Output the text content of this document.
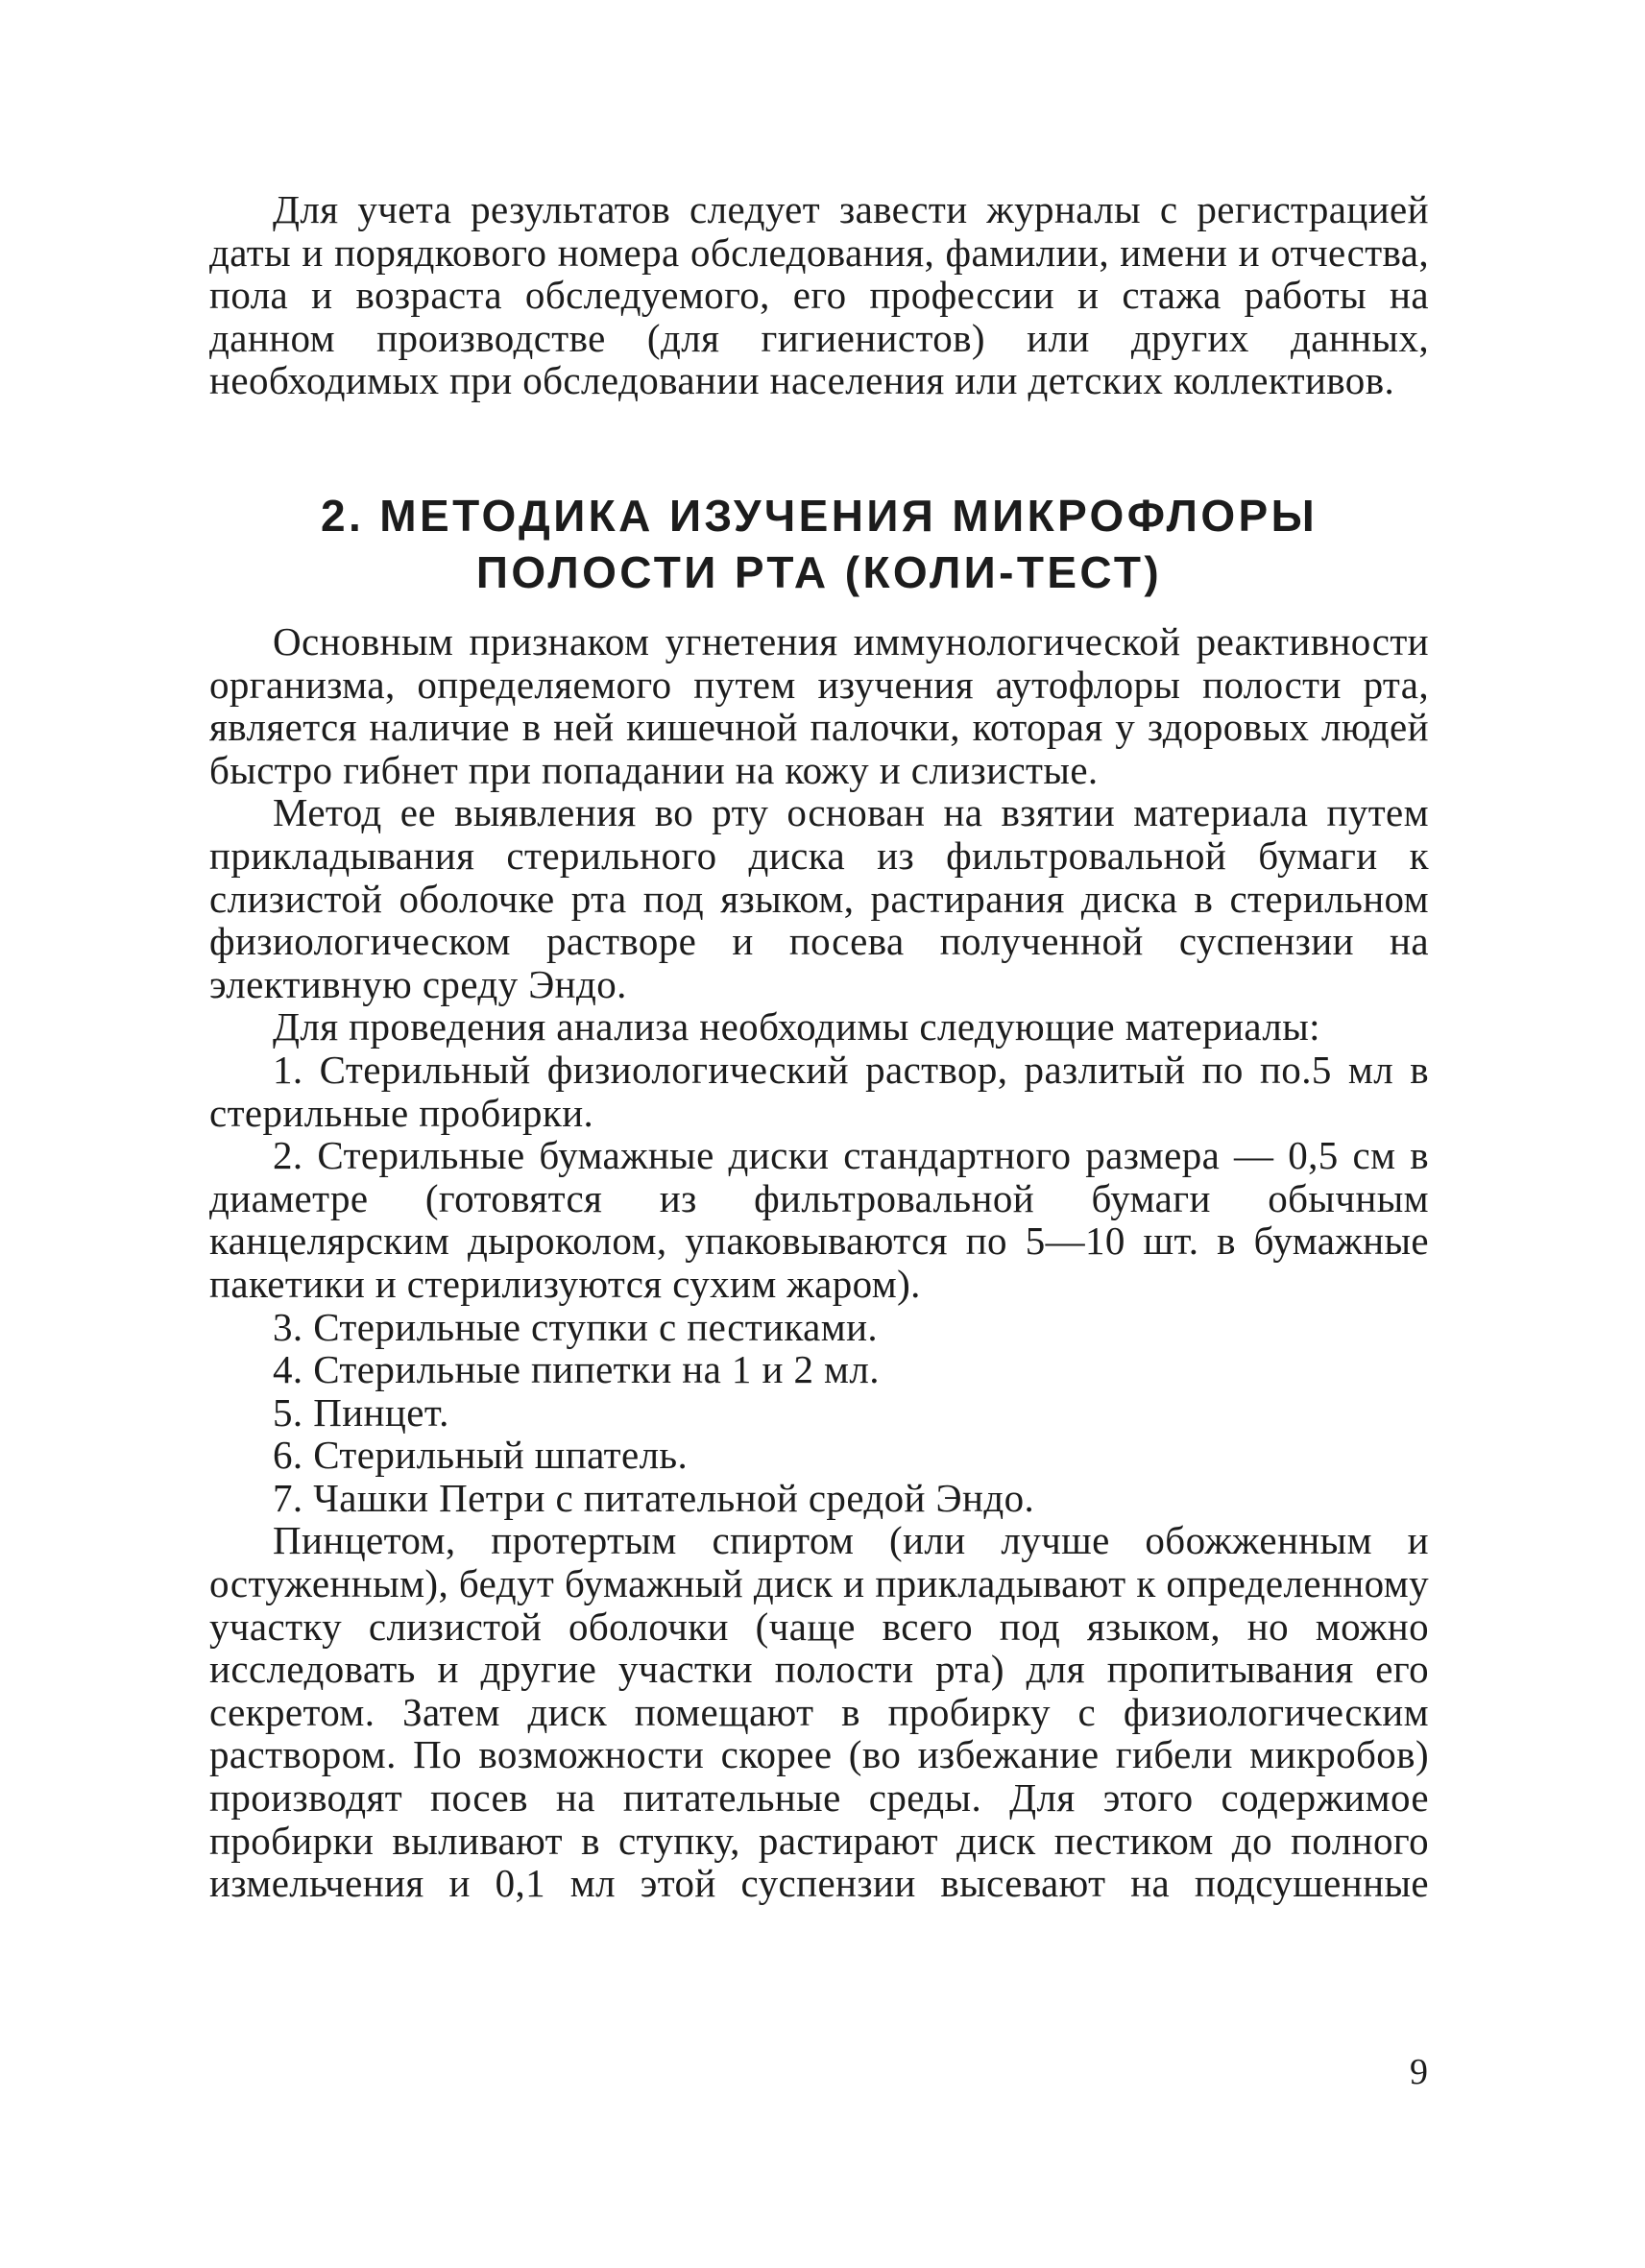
Для учета результатов следует завести журналы с регистрацией даты и порядкового номера обследования, фамилии, имени и отчества, пола и возраста обследуемого, его профессии и стажа работы на данном производстве (для гигиенистов) или других данных, необходимых при обследовании населения или детских коллективов.

2. МЕТОДИКА ИЗУЧЕНИЯ МИКРОФЛОРЫ
ПОЛОСТИ РТА (КОЛИ-ТЕСТ)

Основным признаком угнетения иммунологической реактивности организма, определяемого путем изучения аутофлоры полости рта, является наличие в ней кишечной палочки, которая у здоровых людей быстро гибнет при попадании на кожу и слизистые.

Метод ее выявления во рту основан на взятии материала путем прикладывания стерильного диска из фильтровальной бумаги к слизистой оболочке рта под языком, растирания диска в стерильном физиологическом растворе и посева полученной суспензии на элективную среду Эндо.

Для проведения анализа необходимы следующие материалы:

1. Стерильный физиологический раствор, разлитый по по.5 мл в стерильные пробирки.

2. Стерильные бумажные диски стандартного размера — 0,5 см в диаметре (готовятся из фильтровальной бумаги обычным канцелярским дыроколом, упаковываются по 5—10 шт. в бумажные пакетики и стерилизуются сухим жаром).

3. Стерильные ступки с пестиками.

4. Стерильные пипетки на 1 и 2 мл.

5. Пинцет.

6. Стерильный шпатель.

7. Чашки Петри с питательной средой Эндо.

Пинцетом, протертым спиртом (или лучше обожженным и остуженным), бедут бумажный диск и прикладывают к определенному участку слизистой оболочки (чаще всего под языком, но можно исследовать и другие участки полости рта) для пропитывания его секретом. Затем диск помещают в пробирку с физиологическим раствором. По возможности скорее (во избежание гибели микробов) производят посев на питательные среды. Для этого содержимое пробирки выливают в ступку, растирают диск пестиком до полного измельчения и 0,1 мл этой суспензии высевают на подсушенные

9
